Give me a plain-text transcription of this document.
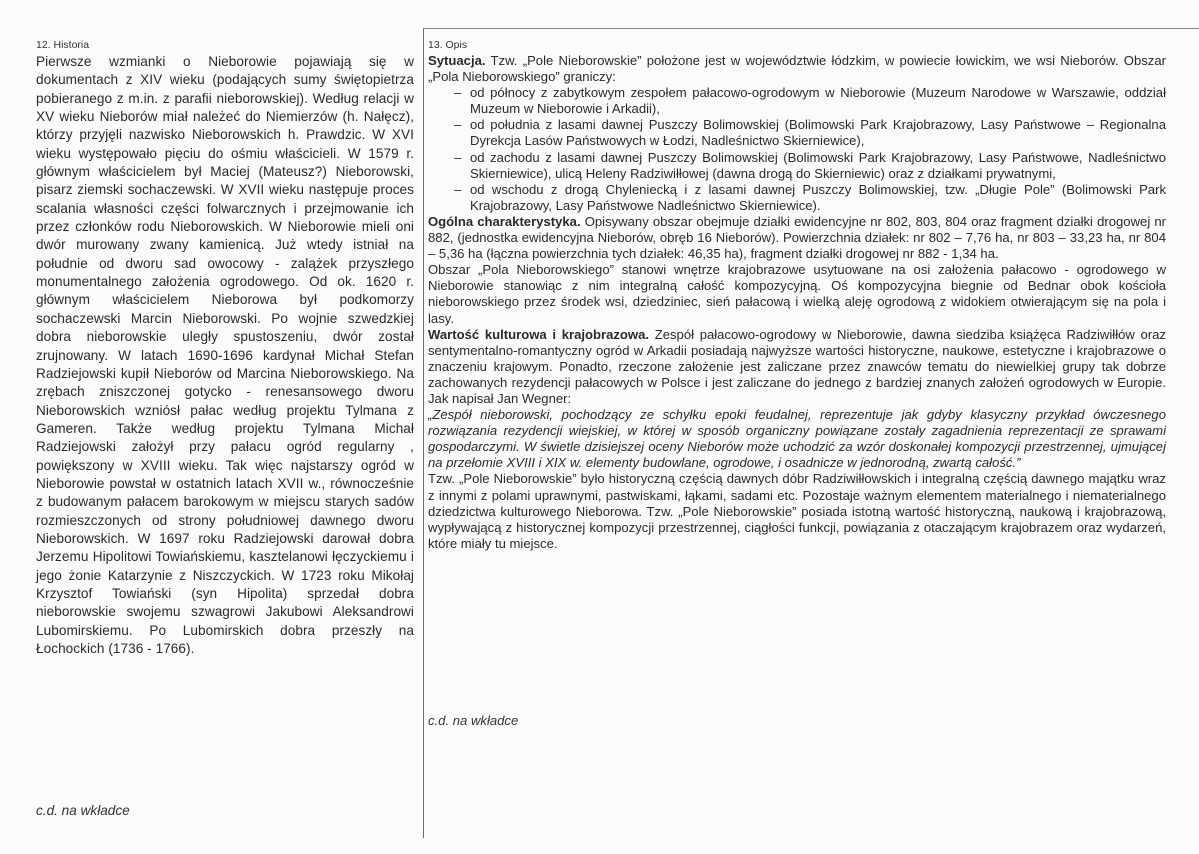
12. Historia

Pierwsze wzmianki o Nieborowie pojawiają się w dokumentach z XIV wieku (podających sumy świętopietrza pobieranego z m.in. z parafii nieborowskiej). Według relacji w XV wieku Nieborów miał należeć do Niemierzów (h. Nałęcz), którzy przyjęli nazwisko Nieborowskich h. Prawdzic. W XVI wieku występowało pięciu do ośmiu właścicieli. W 1579 r. głównym właścicielem był Maciej (Mateusz?) Nieborowski, pisarz ziemski sochaczewski. W XVII wieku następuje proces scalania własności części folwarcznych i przejmowanie ich przez członków rodu Nieborowskich. W Nieborowie mieli oni dwór murowany zwany kamienicą. Już wtedy istniał na południe od dworu sad owocowy - zalążek przyszłego monumentalnego założenia ogrodowego. Od ok. 1620 r. głównym właścicielem Nieborowa był podkomorzy sochaczewski Marcin Nieborowski. Po wojnie szwedzkiej dobra nieborowskie uległy spustoszeniu, dwór został zrujnowany. W latach 1690-1696 kardynał Michał Stefan Radziejowski kupił Nieborów od Marcina Nieborowskiego. Na zrębach zniszczonej gotycko - renesansowego dworu Nieborowskich wzniósł pałac według projektu Tylmana z Gameren. Także według projektu Tylmana Michał Radziejowski założył przy pałacu ogród regularny , powiększony w XVIII wieku. Tak więc najstarszy ogród w Nieborowie powstał w ostatnich latach XVII w., równocześnie z budowanym pałacem barokowym w miejscu starych sadów rozmieszczonych od strony południowej dawnego dworu Nieborowskich. W 1697 roku Radziejowski darował dobra Jerzemu Hipolitowi Towiańskiemu, kasztelanowi łęczyckiemu i jego żonie Katarzynie z Niszczyckich. W 1723 roku Mikołaj Krzysztof Towiański (syn Hipolita) sprzedał dobra nieborowskie swojemu szwagrowi Jakubowi Aleksandrowi Lubomirskiemu. Po Lubomirskich dobra przeszły na Łochockich (1736 - 1766).

c.d. na wkładce
13. Opis

Sytuacja. Tzw. „Pole Nieborowskie” położone jest w województwie łódzkim, w powiecie łowickim, we wsi Nieborów. Obszar „Pola Nieborowskiego” graniczy:

– od północy z zabytkowym zespołem pałacowo-ogrodowym w Nieborowie (Muzeum Narodowe w Warszawie, oddział Muzeum w Nieborowie i Arkadii),
– od południa z lasami dawnej Puszczy Bolimowskiej (Bolimowski Park Krajobrazowy, Lasy Państwowe – Regionalna Dyrekcja Lasów Państwowych w Łodzi, Nadleśnictwo Skierniewice),
– od zachodu z lasami dawnej Puszczy Bolimowskiej (Bolimowski Park Krajobrazowy, Lasy Państwowe, Nadleśnictwo Skierniewice), ulicą Heleny Radziwiłłowej (dawna drogą do Skierniewic) oraz z działkami prywatnymi,
– od wschodu z drogą Chyleniecką i z lasami dawnej Puszczy Bolimowskiej, tzw. „Długie Pole” (Bolimowski Park Krajobrazowy, Lasy Państwowe Nadleśnictwo Skierniewice).

Ogólna charakterystyka. Opisywany obszar obejmuje działki ewidencyjne nr 802, 803, 804 oraz fragment działki drogowej nr 882, (jednostka ewidencyjna Nieborów, obręb 16 Nieborów). Powierzchnia działek: nr 802 – 7,76 ha, nr 803 – 33,23 ha, nr 804 – 5,36 ha (łączna powierzchnia tych działek: 46,35 ha), fragment działki drogowej nr 882 - 1,34 ha.

Obszar „Pola Nieborowskiego” stanowi wnętrze krajobrazowe usytuowane na osi założenia pałacowo - ogrodowego w Nieborowie stanowiąc z nim integralną całość kompozycyjną. Oś kompozycyjna biegnie od Bednar obok kościoła nieborowskiego przez środek wsi, dziedziniec, sień pałacową i wielką aleję ogrodową z widokiem otwierającym się na pola i lasy.

Wartość kulturowa i krajobrazowa. Zespół pałacowo-ogrodowy w Nieborowie, dawna siedziba książęca Radziwiłłów oraz sentymentalno-romantyczny ogród w Arkadii posiadają najwyższe wartości historyczne, naukowe, estetyczne i krajobrazowe o znaczeniu krajowym. Ponadto, rzeczone założenie jest zaliczane przez znawców tematu do niewielkiej grupy tak dobrze zachowanych rezydencji pałacowych w Polsce i jest zaliczane do jednego z bardziej znanych założeń ogrodowych w Europie. Jak napisał Jan Wegner:

„Zespół nieborowski, pochodzący ze schyłku epoki feudalnej, reprezentuje jak gdyby klasyczny przykład ówczesnego rozwiązania rezydencji wiejskiej, w której w sposób organiczny powiązane zostały zagadnienia reprezentacji ze sprawami gospodarczymi. W świetle dzisiejszej oceny Nieborów może uchodzić za wzór doskonałej kompozycji przestrzennej, ujmującej na przełomie XVIII i XIX w. elementy budowlane, ogrodowe, i osadnicze w jednorodną, zwartą całość.”

Tzw. „Pole Nieborowskie” było historyczną częścią dawnych dóbr Radziwiłłowskich i integralną częścią dawnego majątku wraz z innymi z polami uprawnymi, pastwiskami, łąkami, sadami etc. Pozostaje ważnym elementem materialnego i niematerialnego dziedzictwa kulturowego Nieborowa. Tzw. „Pole Nieborowskie” posiada istotną wartość historyczną, naukową i krajobrazową, wypływającą z historycznej kompozycji przestrzennej, ciągłości funkcji, powiązania z otaczającym krajobrazem oraz wydarzeń, które miały tu miejsce.

c.d. na wkładce
